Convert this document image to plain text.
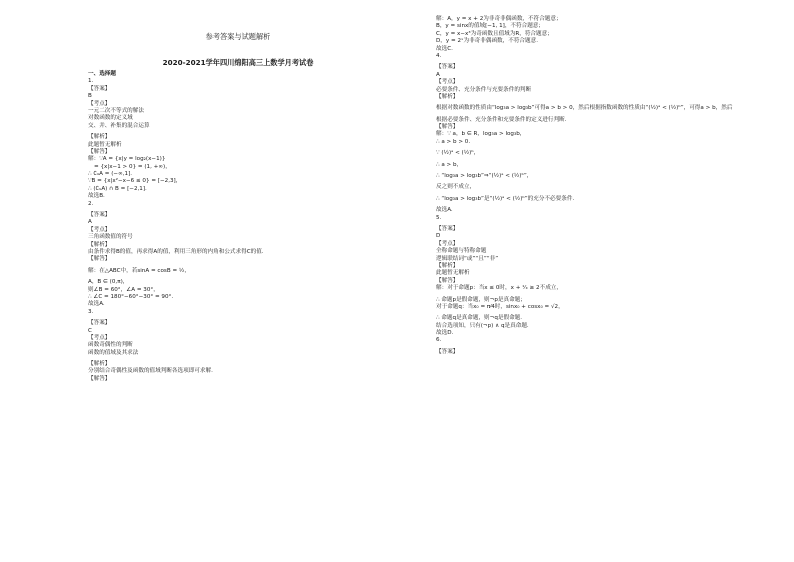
参考答案与试题解析
2020-2021学年四川绵阳高三上数学月考试卷
一、选择题
1.
【答案】
B
【考点】
一元二次不等式的解法
对数函数的定义域
交、并、补集的混合运算
【解析】
此题暂无解析
【解答】
解：∵A = {x|y = log₂(x−1)}
= {x|x−1 > 0} = (1, +∞)，
∴ ∁ᵤA = (−∞,1].
∵B = {x|x²−x−6 ≤ 0} = [−2,3]，
∴ (∁ᵤA) ∩ B = [−2,1].
故选B.
2.
【答案】
A
【考点】
三角函数值的符号
【解析】
由条件求得B的值，再求得A的值，利用三角形的内角和公式求得C的值.
【解答】
解：在△ABC中，若sinA = cosB = ½，
A，B ∈ (0,π)，
则∠B = 60°，∠A = 30°，
∴ ∠C = 180°−60°−30° = 90°.
故选A.
3.
【答案】
C
【考点】
函数奇偶性的判断
函数的值域及其求法
【解析】
分别结合奇偶性及函数的值域判断各选项即可求解.
【解答】
解：A，y = x + 2为非奇非偶函数，不符合题意；
B，y = sinx的值域[−1, 1]，不符合题意；
C，y = x−x³为奇函数且值域为R，符合题意；
D，y = 2ˣ为非奇非偶函数，不符合题意.
故选C.
4.
【答案】
A
【考点】
必要条件、充分条件与充要条件的判断
【解析】
根据对数函数的性质由“log₃a > log₃b”可得a > b > 0，然后根据指数函数的性质由“(½)ᵃ < (½)ᵇ”，可得a > b，然后
根据必要条件、充分条件和充要条件的定义进行判断.
【解答】
解：∵ a，b ∈ R，log₃a > log₃b，
∴ a > b > 0.
∵ (½)ᵃ < (½)ᵇ，
∴ a > b，
∴ “log₃a > log₃b”⇒“(½)ᵃ < (½)ᵇ”，
反之则不成立，
∴ “log₃a > log₃b”是“(½)ᵃ < (½)ᵇ”的充分不必要条件.
故选A.
5.
【答案】
D
【考点】
全称命题与特称命题
逻辑联结词“或”“且”“非”
【解析】
此题暂无解析
【解答】
解：对于命题p：当x ≤ 0时，x + ¹⁄ₓ ≥ 2不成立，
∴ 命题p是假命题，则¬p是真命题；
对于命题q：当x₀ = π⁄4时，sinx₀ + cosx₀ = √2，
∴ 命题q是真命题，则¬q是假命题.
结合选项知，只有(¬p) ∧ q是真命题.
故选D.
6.
【答案】
